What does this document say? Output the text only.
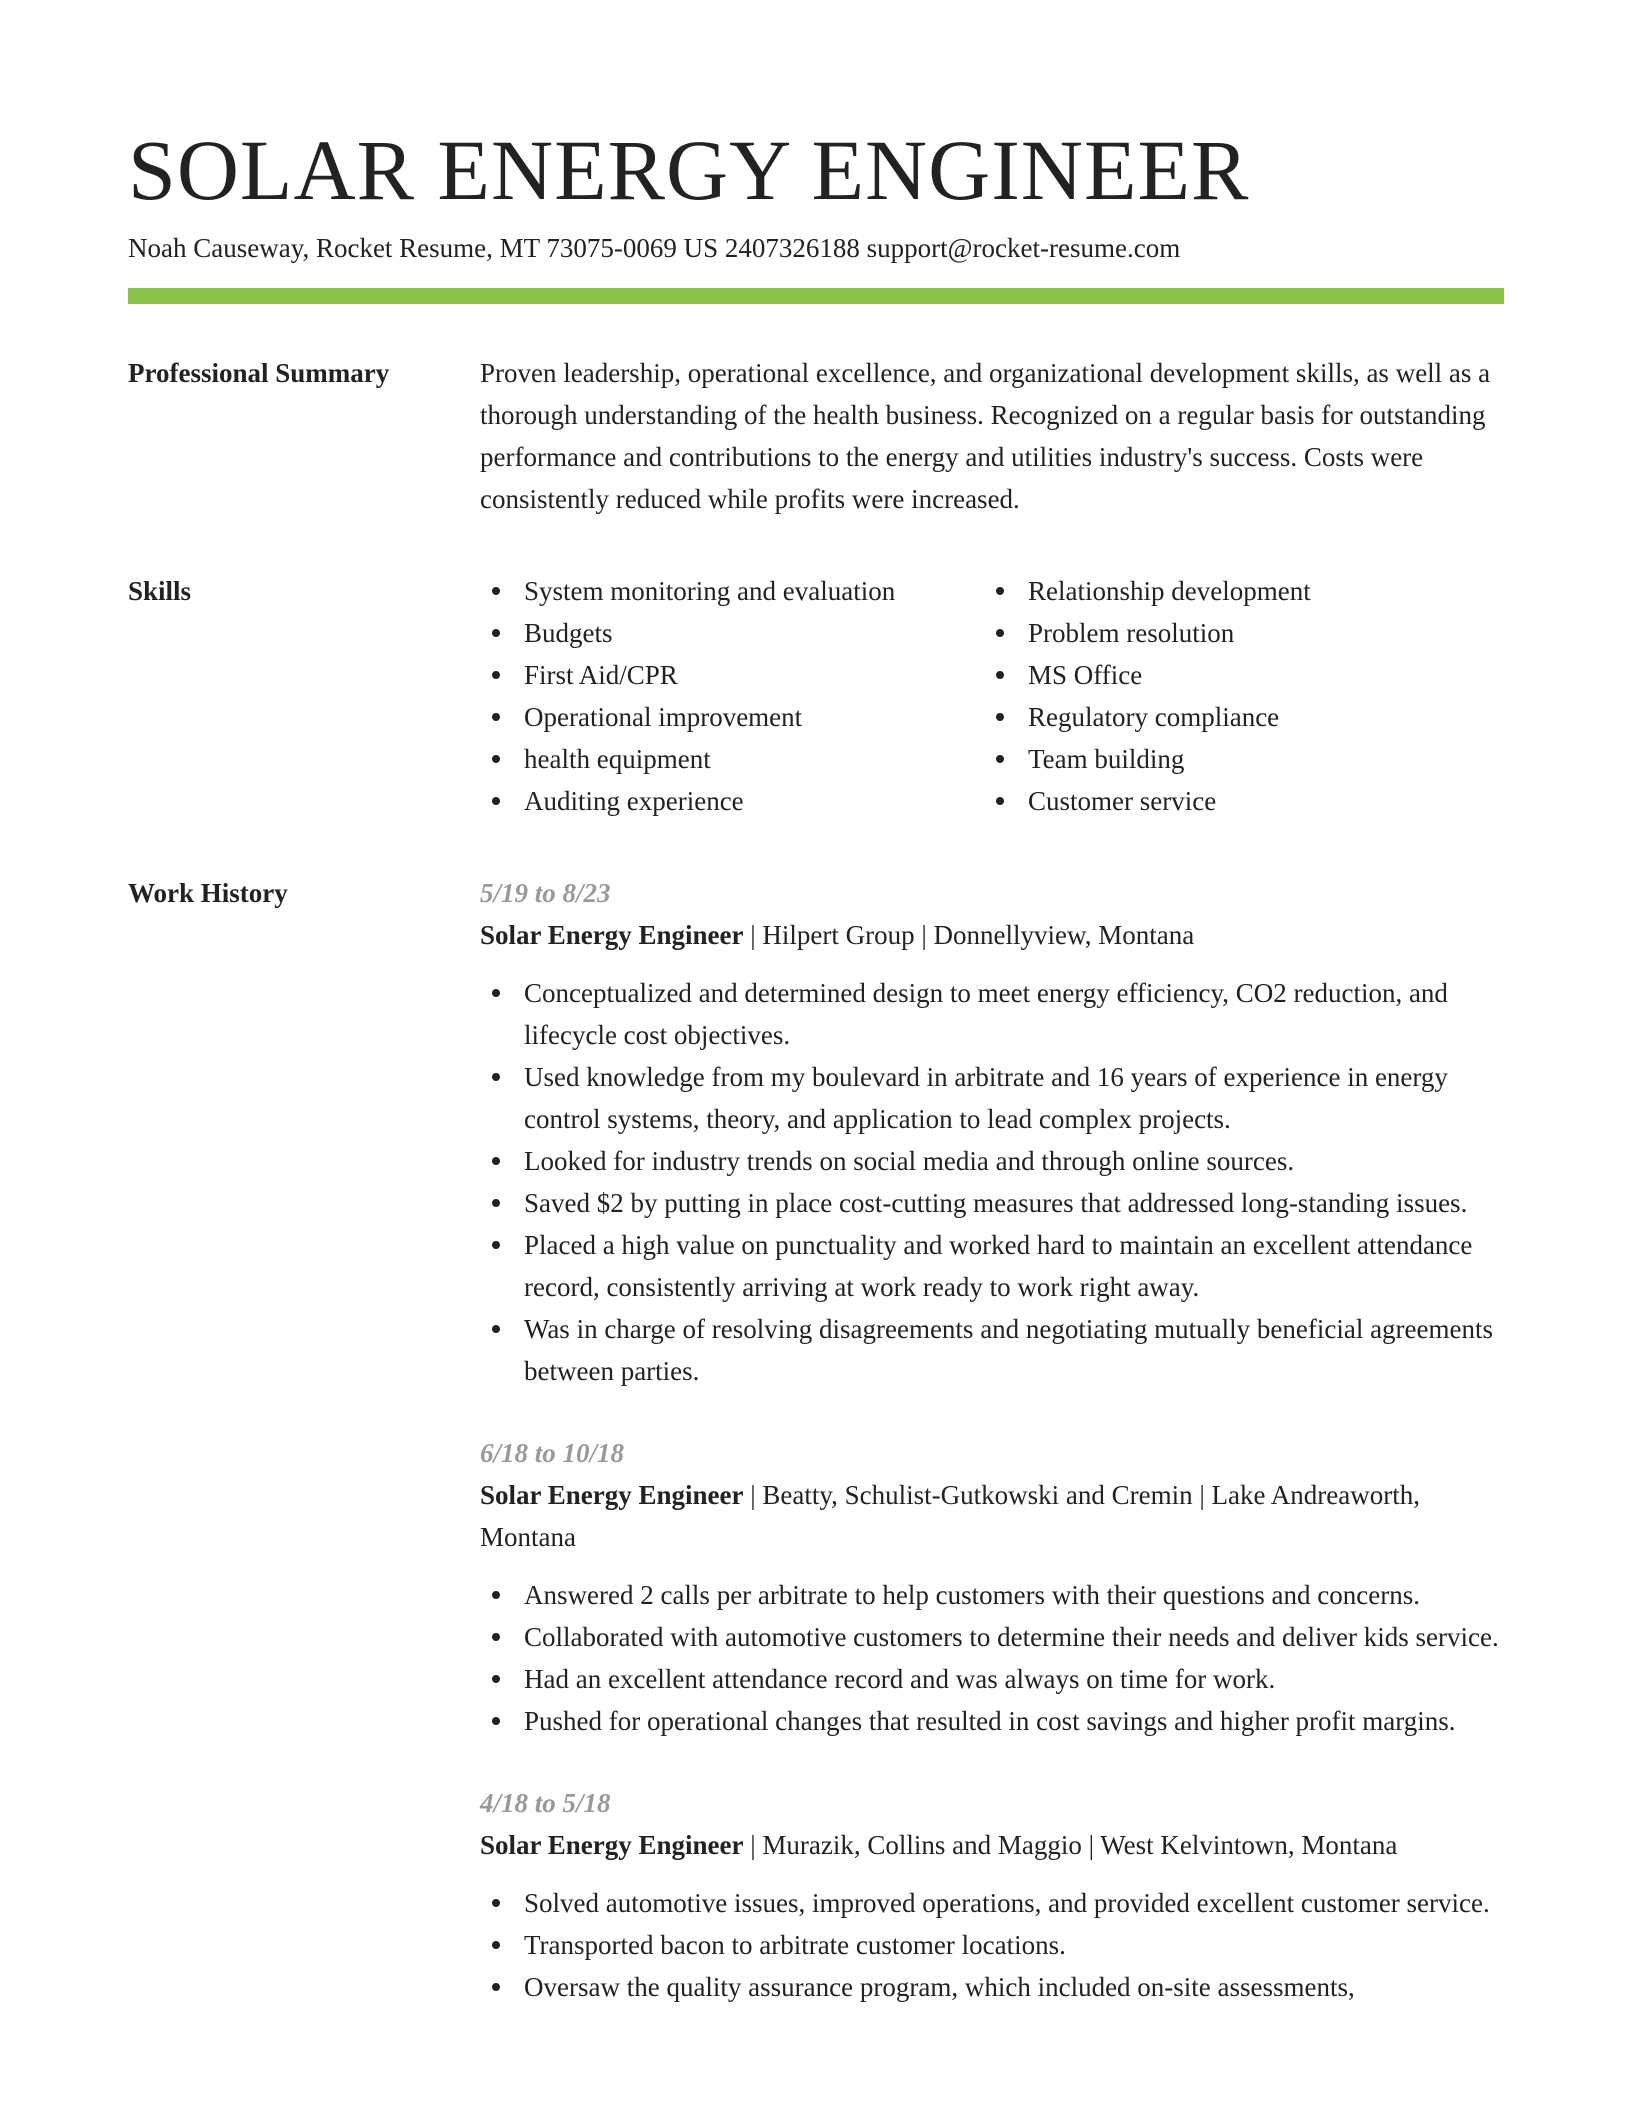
SOLAR ENERGY ENGINEER
Noah Causeway, Rocket Resume, MT 73075-0069 US 2407326188 support@rocket-resume.com
Professional Summary	Proven leadership, operational excellence, and organizational development skills, as well as a thorough understanding of the health business. Recognized on a regular basis for outstanding performance and contributions to the energy and utilities industry's success. Costs were consistently reduced while profits were increased.

Skills	System monitoring and evaluation
Budgets
First Aid/CPR
Operational improvement
health equipment
Auditing experience
Relationship development
Problem resolution
MS Office
Regulatory compliance
Team building
Customer service
Work History	5/19 to 8/23
Solar Energy Engineer | Hilpert Group | Donnellyview, Montana
Conceptualized and determined design to meet energy efficiency, CO2 reduction, and lifecycle cost objectives.
Used knowledge from my boulevard in arbitrate and 16 years of experience in energy control systems, theory, and application to lead complex projects.
Looked for industry trends on social media and through online sources.
Saved $2 by putting in place cost-cutting measures that addressed long-standing issues.
Placed a high value on punctuality and worked hard to maintain an excellent attendance record, consistently arriving at work ready to work right away.
Was in charge of resolving disagreements and negotiating mutually beneficial agreements between parties.
6/18 to 10/18
Solar Energy Engineer | Beatty, Schulist-Gutkowski and Cremin | Lake Andreaworth, Montana
Answered 2 calls per arbitrate to help customers with their questions and concerns.
Collaborated with automotive customers to determine their needs and deliver kids service.
Had an excellent attendance record and was always on time for work.
Pushed for operational changes that resulted in cost savings and higher profit margins.
4/18 to 5/18
Solar Energy Engineer | Murazik, Collins and Maggio | West Kelvintown, Montana
Solved automotive issues, improved operations, and provided excellent customer service.
Transported bacon to arbitrate customer locations.
Oversaw the quality assurance program, which included on-site assessments,
